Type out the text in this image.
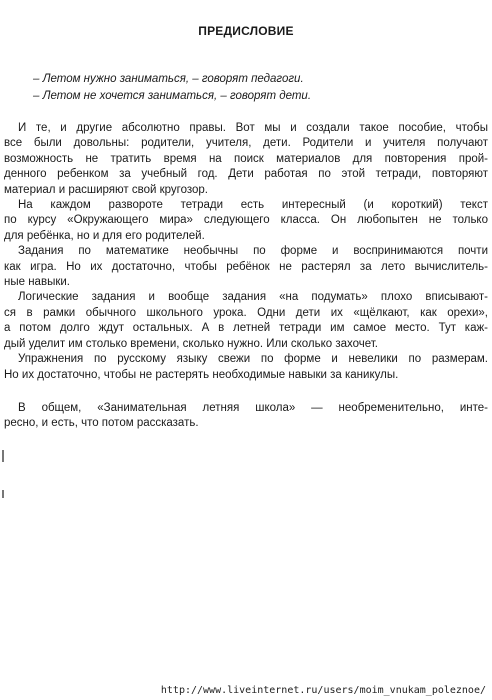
ПРЕДИСЛОВИЕ

– Летом нужно заниматься, – говорят педагоги.

– Летом не хочется заниматься, – говорят дети.

И те, и другие абсолютно правы. Вот мы и создали такое пособие, чтобы
все были довольны: родители, учителя, дети. Родители и учителя получают
возможность не тратить время на поиск материалов для повторения прой-
денного ребенком за учебный год. Дети работая по этой тетради, повторяют
материал и расширяют свой кругозор.
На каждом развороте тетради есть интересный (и короткий) текст
по курсу «Окружающего мира» следующего класса. Он любопытен не только
для ребёнка, но и для его родителей.
Задания по математике необычны по форме и воспринимаются почти
как игра. Но их достаточно, чтобы ребёнок не растерял за лето вычислитель-
ные навыки.
Логические задания и вообще задания «на подумать» плохо вписывают-
ся в рамки обычного школьного урока. Одни дети их «щёлкают, как орехи»,
а потом долго ждут остальных. А в летней тетради им самое место. Тут каж-
дый уделит им столько времени, сколько нужно. Или сколько захочет.
Упражнения по русскому языку свежи по форме и невелики по размерам.
Но их достаточно, чтобы не растерять необходимые навыки за каникулы.
В общем, «Занимательная летняя школа» — необременительно, инте-
ресно, и есть, что потом рассказать.
http://www.liveinternet.ru/users/moim_vnukam_poleznoe/
